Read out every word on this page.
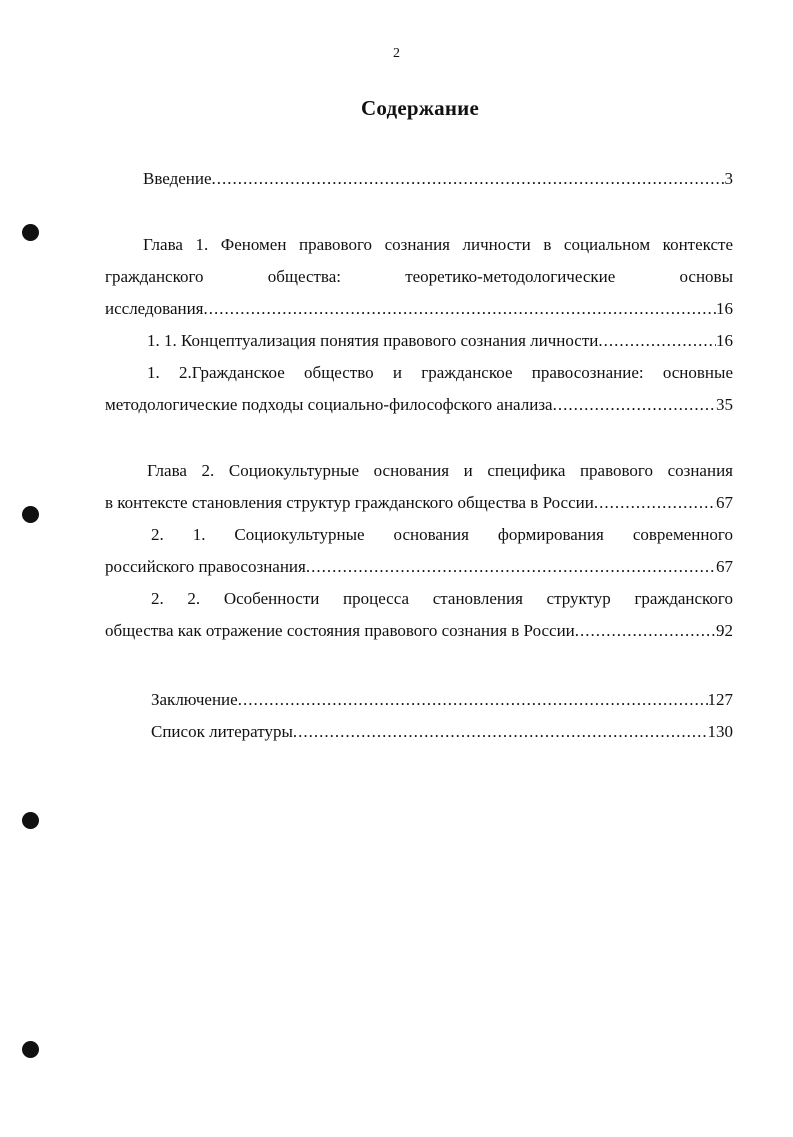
2
Содержание
Введение .....	3
Глава 1. Феномен правового сознания личности в социальном контексте
гражданского общества: теоретико-методологические основы
исследования .....	16
1. 1. Концептуализация понятия правового сознания личности .....	16
1. 2.Гражданское общество и гражданское правосознание: основные
методологические подходы социально-философского анализа .....	35
Глава 2. Социокультурные основания и специфика правового сознания
в контексте становления структур гражданского общества в России .....	67
2. 1. Социокультурные основания формирования современного
российского правосознания .....	67
2. 2. Особенности процесса становления структур гражданского
общества как отражение состояния правового сознания в России .....	92
Заключение .....	127
Список литературы .....	130
